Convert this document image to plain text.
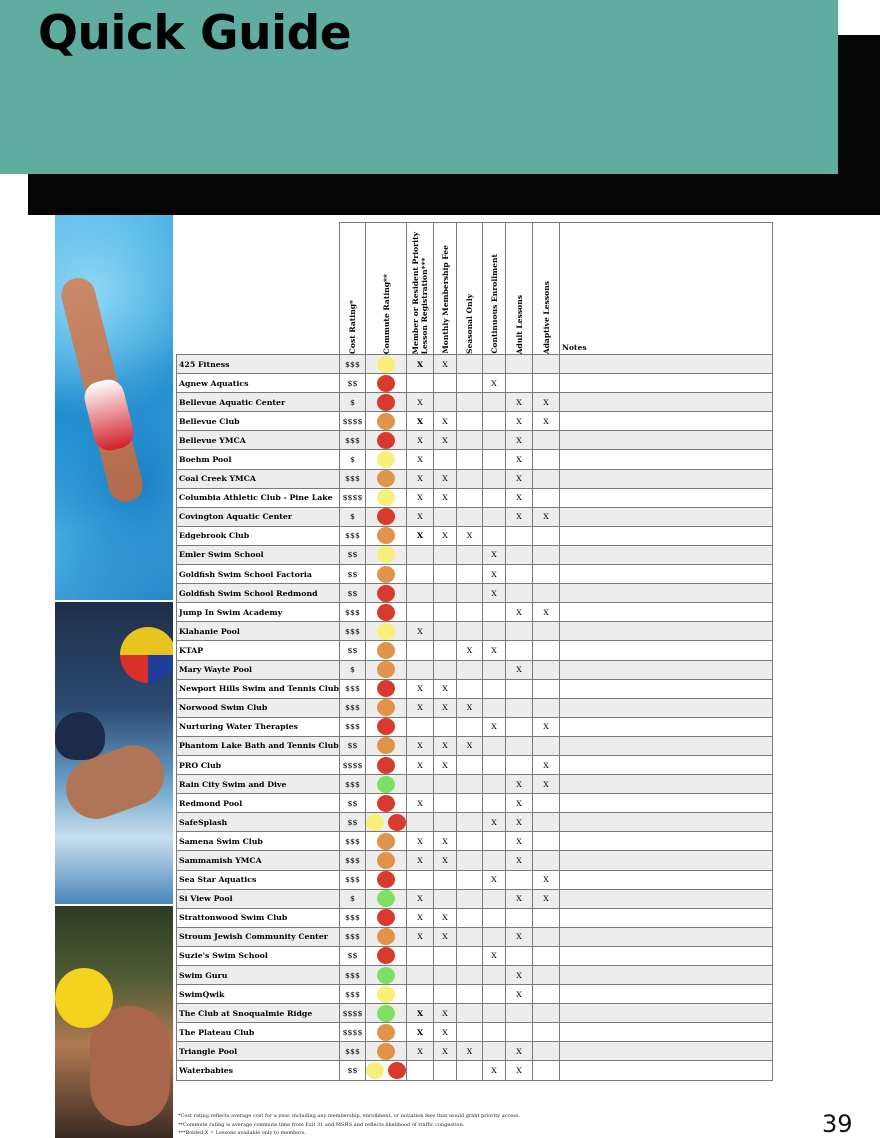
Quick Guide

	Cost Rating*	Commute Rating**	Member or Resident Priority
Lesson Registration***	Monthly Membership Fee	Seasonal Only	Continuous Enrollment	Adult Lessons	Adaptive Lessons	Notes
425 Fitness	$$$		X	X					
Agnew Aquatics	$$					X			
Bellevue Aquatic Center	$		X				X	X	
Bellevue Club	$$$$		X	X			X	X	
Bellevue YMCA	$$$		X	X			X		
Boehm Pool	$		X				X		
Coal Creek YMCA	$$$		X	X			X		
Columbia Athletic Club - Pine Lake	$$$$		X	X			X		
Covington Aquatic Center	$		X				X	X	
Edgebrook Club	$$$		X	X	X				
Emler Swim School	$$					X			
Goldfish Swim School Factoria	$$					X			
Goldfish Swim School Redmond	$$					X			
Jump In Swim Academy	$$$						X	X	
Klahanie Pool	$$$		X						
KTAP	$$				X	X			
Mary Wayte Pool	$						X		
Newport Hills Swim and Tennis Club	$$$		X	X					
Norwood Swim Club	$$$		X	X	X				
Nurturing Water Therapies	$$$					X		X	
Phantom Lake Bath and Tennis Club	$$		X	X	X				
PRO Club	$$$$		X	X				X	
Rain City Swim and Dive	$$$						X	X	
Redmond Pool	$$		X				X		
SafeSplash	$$					X	X		
Samena Swim Club	$$$		X	X			X		
Sammamish YMCA	$$$		X	X			X		
Sea Star Aquatics	$$$					X		X	
Si View Pool	$		X				X	X	
Strattonwood Swim Club	$$$		X	X					
Stroum Jewish Community Center	$$$		X	X			X		
Suzie's Swim School	$$					X			
Swim Guru	$$$						X		
SwimQwik	$$$						X		
The Club at Snoqualmie Ridge	$$$$		X	X					
The Plateau Club	$$$$		X	X					
Triangle Pool	$$$		X	X	X		X		
Waterbabies	$$					X	X		
*Cost rating reflects average cost for a year, including any membership, enrollment, or initiation fees that would grant priority access.
**Commute rating is average commute time from Exit 31 and MSHS and reflects likelihood of traffic congestion.
***Bolded X = Lessons available only to members.	39
